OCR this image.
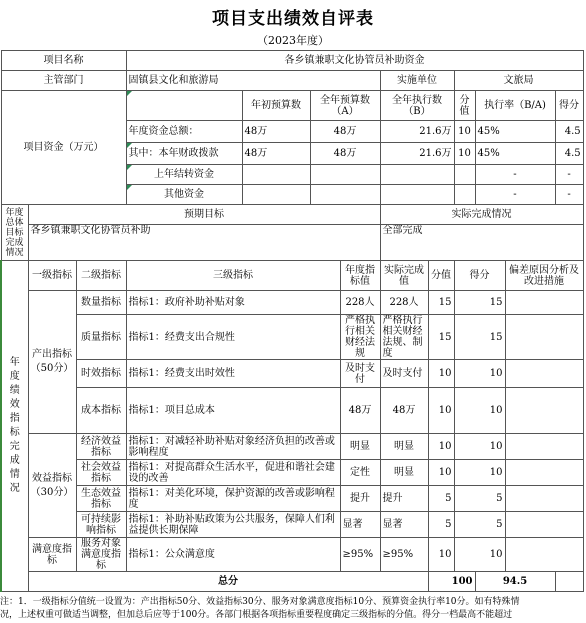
项目支出绩效自评表
（2023年度）
项目名称			各乡镇兼职文化协管员补助资金									
主管部门			固镇县文化和旅游局				实施单位		文旅局			
项目资金（万元）				年初预算数	全年预算数（A）		全年执行数（B）		分值	执行率（B/A)		得分
			年度资金总额：	48万	48万		21.6万		10	45%		4.5
			其中：本年财政拨款	48万	48万		21.6万		10	45%		4.5
			上年结转资金							-		-
			其他资金							-		-
年度总体目标完成情况	预期目标						实际完成情况					
	各乡镇兼职文化协管员补助						全部完成					
年度绩效指标完成情况	一级指标	二级指标	三级指标			年度指标值	实际完成值	分值	得分		偏差原因分析及改进措施	
	产出指标（50分）	数量指标	指标1：政府补助补贴对象			228人	228人	15	15			
		质量指标	指标1：经费支出合规性			严格执行相关财经法规	严格执行相关财经法规、制度	15	15			
		时效指标	指标1：经费支出时效性			及时支付	及时支付	10	10			
		成本指标	指标1：项目总成本			48万	48万	10	10			
	效益指标（30分）	经济效益指标	指标1：对减轻补助补贴对象经济负担的改善或影响程度			明显	明显	10	10			
		社会效益指标	指标1：对提高群众生活水平，促进和谐社会建设的改善			定性	明显	10	10			
		生态效益指标	指标1：对美化环境，保护资源的改善或影响程度			提升	提升	5	5			
		可持续影响指标	指标1：补助补贴政策为公共服务，保障人们利益提供长期保障			显著	显著	5	5			
	满意度指标	服务对象满意度指标	指标1：公众满意度			≥95%	≥95%	10	10			
	总分							100		94.5		
注：1．一级指标分值统一设置为：产出指标50分、效益指标30分、服务对象满意度指标10分、预算资金执行率10分。如有特殊情
况，上述权重可做适当调整，但加总后应等于100分。各部门根据各项指标重要程度确定三级指标的分值。得分一档最高不能超过
